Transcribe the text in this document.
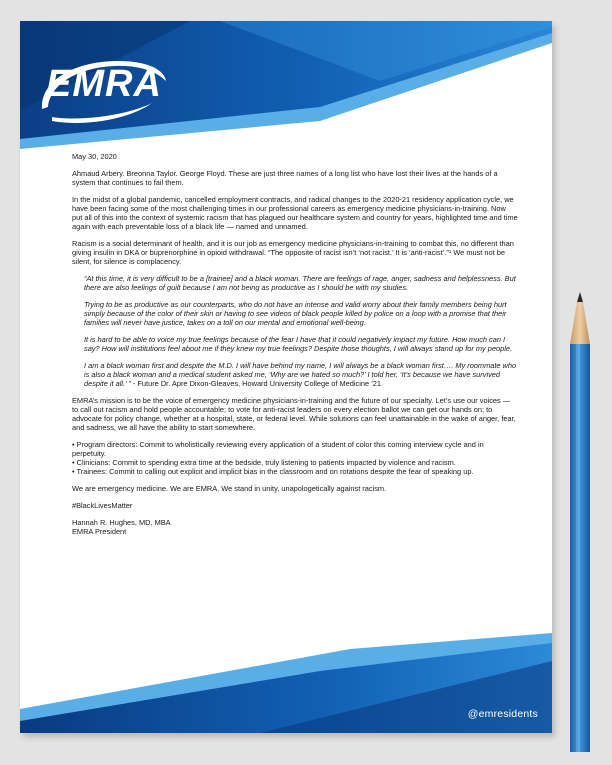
EMRA

May 30, 2020

Ahmaud Arbery. Breonna Taylor. George Floyd. These are just three names of a long list who have lost their lives at the hands of a system that continues to fail them.

In the midst of a global pandemic, cancelled employment contracts, and radical changes to the 2020-21 residency application cycle, we have been facing some of the most challenging times in our professional careers as emergency medicine physicians-in-training. Now put all of this into the context of systemic racism that has plagued our healthcare system and country for years, highlighted time and time again with each preventable loss of a black life — named and unnamed.

Racism is a social determinant of health, and it is our job as emergency medicine physicians-in-training to combat this, no different than giving insulin in DKA or buprenorphine in opioid withdrawal. “The opposite of racist isn’t ‘not racist.’ It is ‘anti-racist’.”¹ We must not be silent, for silence is complacency.

“At this time, it is very difficult to be a [trainee] and a black woman. There are feelings of rage, anger, sadness and helplessness. But there are also feelings of guilt because I am not being as productive as I should be with my studies.

Trying to be as productive as our counterparts, who do not have an intense and valid worry about their family members being hurt simply because of the color of their skin or having to see videos of black people killed by police on a loop with a promise that their families will never have justice, takes on a toll on our mental and emotional well-being.

It is hard to be able to voice my true feelings because of the fear I have that it could negatively impact my future. How much can I say? How will institutions feel about me if they knew my true feelings? Despite those thoughts, I will always stand up for my people.

I am a black woman first and despite the M.D. I will have behind my name, I will always be a black woman first…. My roommate who is also a black woman and a medical student asked me, ‘Why are we hated so much?’ I told her, ‘It’s because we have survived despite it all.’ ” - Future Dr. Apre Dixon-Gleaves, Howard University College of Medicine ’21

EMRA’s mission is to be the voice of emergency medicine physicians-in-training and the future of our specialty. Let’s use our voices — to call out racism and hold people accountable; to vote for anti-racist leaders on every election ballot we can get our hands on; to advocate for policy change, whether at a hospital, state, or federal level. While solutions can feel unattainable in the wake of anger, fear, and sadness, we all have the ability to start somewhere.

• Program directors: Commit to wholistically reviewing every application of a student of color this coming interview cycle and in perpetuity.
• Clinicians: Commit to spending extra time at the bedside, truly listening to patients impacted by violence and racism.
• Trainees: Commit to calling out explicit and implicit bias in the classroom and on rotations despite the fear of speaking up.

We are emergency medicine. We are EMRA. We stand in unity, unapologetically against racism.

#BlackLivesMatter

Hannah R. Hughes, MD, MBA
EMRA President
@emresidents
